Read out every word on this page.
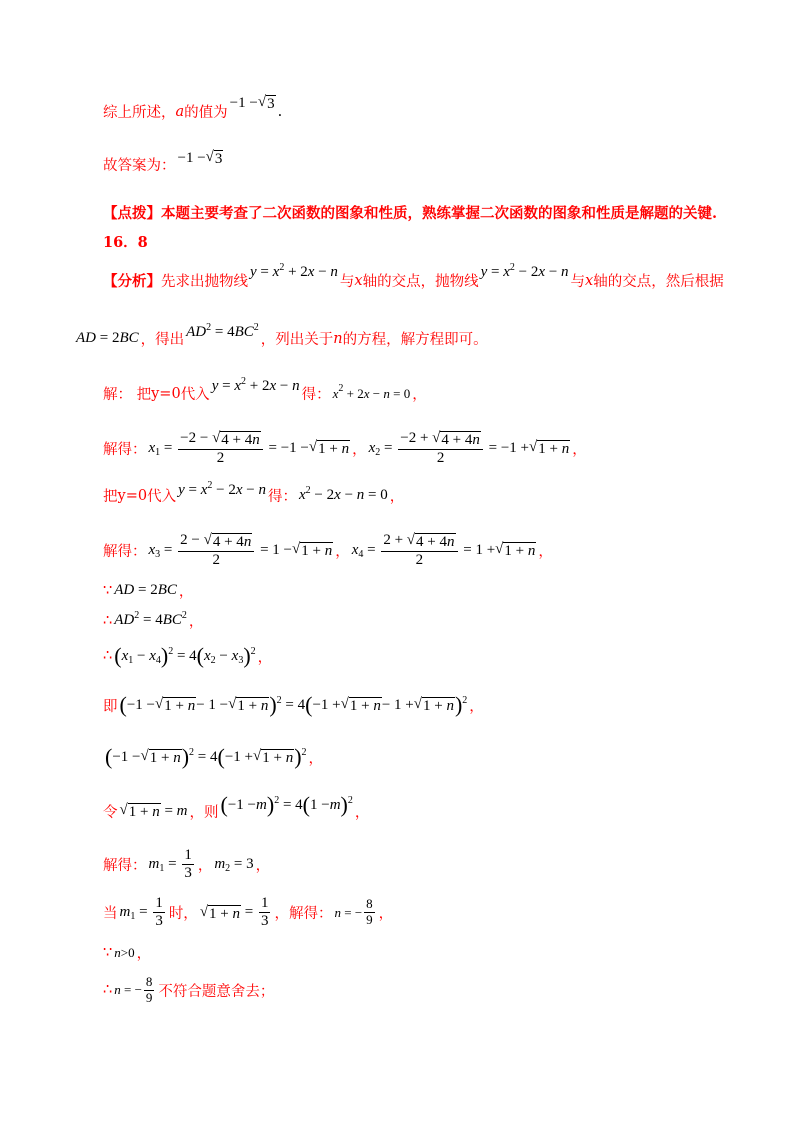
综上所述， a 的值为
−1 − √ 3 .
故答案为： −1 − √ 3
【点拨】 本题主要考查了二次函数的图象和性质，熟练掌握二次函数的图象和性质是解题的关键.
16．8
【分析】 先求出抛物线
y = x 2 + 2 x − n
与 x 轴的交点，抛物线
y = x 2 − 2 x − n
与 x 轴的交点，然后根据
AD = 2 BC ，得出 AD 2 = 4 BC 2
，列出关于 n 的方程，解方程即可。
解： 把 y=0 代入
y = x 2 + 2 x − n
得： x 2 + 2 x − n = 0 ，
解得： x $1 = \frac{-2 - √ 4 + 4n}{2} = -1$ − √ 1 + n ， x $2 = \frac{-2 + √ 4 + 4n}{2} = -1$ + √ 1 + n ，
把 y=0 代入 y = x 2 − 2 x − n 得： x 2 − 2 x − n = 0 ，
解得： x $3 = \frac{2 - √ 4 + 4n}{2} = 1$ − √ 1 + n ， x $4 = \frac{2 + √ 4 + 4n}{2} = 1$ + √ 1 + n ，
∵ AD = 2 BC ，
∴ AD 2 = 4 BC 2 ，
∴ ( x 1 − x 4 ) 2 = 4 ( x 2 − x 3 ) 2 ，
即 ( −1 − √ 1 + n − 1 − √ 1 + n ) 2 = 4 ( −1 + √ 1 + n − 1 + √ 1 + n ) 2 ，
( −1 − √ 1 + n ) 2 = 4 ( −1 + √ 1 + n ) 2 ，
令 √ 1 + n = m ，则 ( −1 − m ) 2 = 4 ( 1 − m ) 2
，
解得： m $1 = \frac{1}{3}$ ， m 2 = 3 ，
当 m $1 = \frac{1}{3}$ 时， √ $1 + n = \frac{1}{3}$ ，解得： n = − $\frac{8}{9}$ ，
∵ n >0 ，
∴ n = − $\frac{8}{9}$ 不符合题意舍去；
